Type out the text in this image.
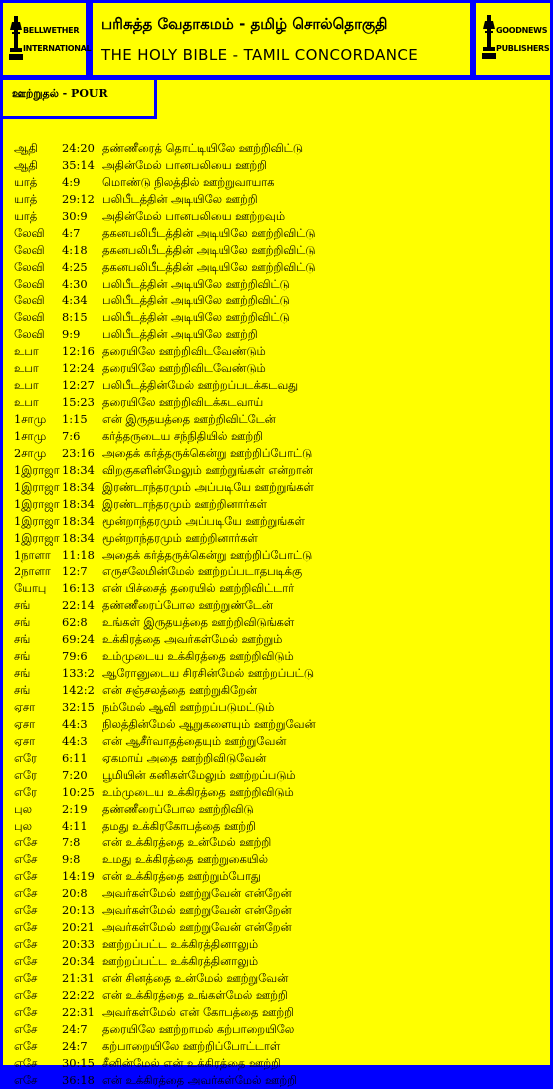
BELLWETHER
INTERNATIONAL
பரிசுத்த வேதாகமம் - தமிழ் சொல்தொகுதி
THE HOLY BIBLE - TAMIL CONCORDANCE
GOODNEWS
PUBLISHERS
ஆதி 24:20 தண்ணீரைத் தொட்டியிலே ஊற்றிவிட்டு
ஆதி 35:14 அதின்மேல் பானபலியை ஊற்றி
யாத் 4:9 மொண்டு நிலத்தில் ஊற்றுவாயாக
யாத் 29:12 பலிபீடத்தின் அடியிலே ஊற்றி
யாத் 30:9 அதின்மேல் பானபலியை ஊற்றவும்
லேவி 4:7 தகனபலிபீடத்தின் அடியிலே ஊற்றிவிட்டு
லேவி 4:18 தகனபலிபீடத்தின் அடியிலே ஊற்றிவிட்டு
லேவி 4:25 தகனபலிபீடத்தின் அடியிலே ஊற்றிவிட்டு
லேவி 4:30 பலிபீடத்தின் அடியிலே ஊற்றிவிட்டு
லேவி 4:34 பலிபீடத்தின் அடியிலே ஊற்றிவிட்டு
லேவி 8:15 பலிபீடத்தின் அடியிலே ஊற்றிவிட்டு
லேவி 9:9 பலிபீடத்தின் அடியிலே ஊற்றி
உபா 12:16 தரையிலே ஊற்றிவிடவேண்டும்
உபா 12:24 தரையிலே ஊற்றிவிடவேண்டும்
உபா 12:27 பலிபீடத்தின்மேல் ஊற்றப்படக்கடவது
உபா 15:23 தரையிலே ஊற்றிவிடக்கடவாய்
1சாமு 1:15 என் இருதயத்தை ஊற்றிவிட்டேன்
1சாமு 7:6 கர்த்தருடைய சந்நிதியில் ஊற்றி
2சாமு 23:16 அதைக் கர்த்தருக்கென்று ஊற்றிப்போட்டு
1இராஜா 18:34 விறகுகளின்மேலும் ஊற்றுங்கள் என்றான்
1இராஜா 18:34 இரண்டாந்தரமும் அப்படியே ஊற்றுங்கள்
1இராஜா 18:34 இரண்டாந்தரமும் ஊற்றினார்கள்
1இராஜா 18:34 மூன்றாந்தரமும் அப்படியே ஊற்றுங்கள்
1இராஜா 18:34 மூன்றாந்தரமும் ஊற்றினார்கள்
1நாளா 11:18 அதைக் கர்த்தருக்கென்று ஊற்றிப்போட்டு
2நாளா 12:7 எருசலேமின்மேல் ஊற்றப்படாதபடிக்கு
யோபு 16:13 என் பிச்சைத் தரையில் ஊற்றிவிட்டார்
சங்	22:14 தண்ணீரைப்போல ஊற்றுண்டேன்
சங்	62:8 உங்கள் இருதயத்தை ஊற்றிவிடுங்கள்
சங்	69:24 உக்கிரத்தை அவர்கள்மேல் ஊற்றும்
சங்	79:6 உம்முடைய உக்கிரத்தை ஊற்றிவிடும்
சங்	133:2 ஆரோனுடைய சிரசின்மேல் ஊற்றப்பட்டு
சங்	142:2 என் சஞ்சலத்தை ஊற்றுகிறேன்
ஏசா 32:15 நம்மேல் ஆவி ஊற்றப்படுமட்டும்
ஏசா 44:3 நிலத்தின்மேல் ஆறுகளையும் ஊற்றுவேன்
ஏசா 44:3 என் ஆசீர்வாதத்தையும் ஊற்றுவேன்
எரே 6:11 ஏகமாய் அதை ஊற்றிவிடுவேன்
எரே 7:20 பூமியின் கனிகள்மேலும் ஊற்றப்படும்
எரே 10:25 உம்முடைய உக்கிரத்தை ஊற்றிவிடும்
புல	2:19 தண்ணீரைப்போல ஊற்றிவிடு
புல	4:11 தமது உக்கிரகோபத்தை ஊற்றி
எசே 7:8 என் உக்கிரத்தை உன்மேல் ஊற்றி
எசே 9:8 உமது உக்கிரத்தை ஊற்றுகையில்
எசே 14:19 என் உக்கிரத்தை ஊற்றும்போது
எசே 20:8 அவர்கள்மேல் ஊற்றுவேன் என்றேன்
எசே 20:13 அவர்கள்மேல் ஊற்றுவேன் என்றேன்
எசே 20:21 அவர்கள்மேல் ஊற்றுவேன் என்றேன்
எசே 20:33 ஊற்றப்பட்ட உக்கிரத்தினாலும்
எசே 20:34 ஊற்றப்பட்ட உக்கிரத்தினாலும்
எசே 21:31 என் சினத்தை உன்மேல் ஊற்றுவேன்
எசே 22:22 என் உக்கிரத்தை உங்கள்மேல் ஊற்றி
எசே 22:31 அவர்கள்மேல் என் கோபத்தை ஊற்றி
எசே 24:7 தரையிலே ஊற்றாமல் கற்பாறையிலே
எசே 24:7 கற்பாறையிலே ஊற்றிப்போட்டாள்
எசே 30:15 சீனின்மேல் என் உக்கிரத்தை ஊற்றி
எசே 36:18 என் உக்கிரத்தை அவர்கள்மேல் ஊற்றி
ஊற்றுதல் - POUR
